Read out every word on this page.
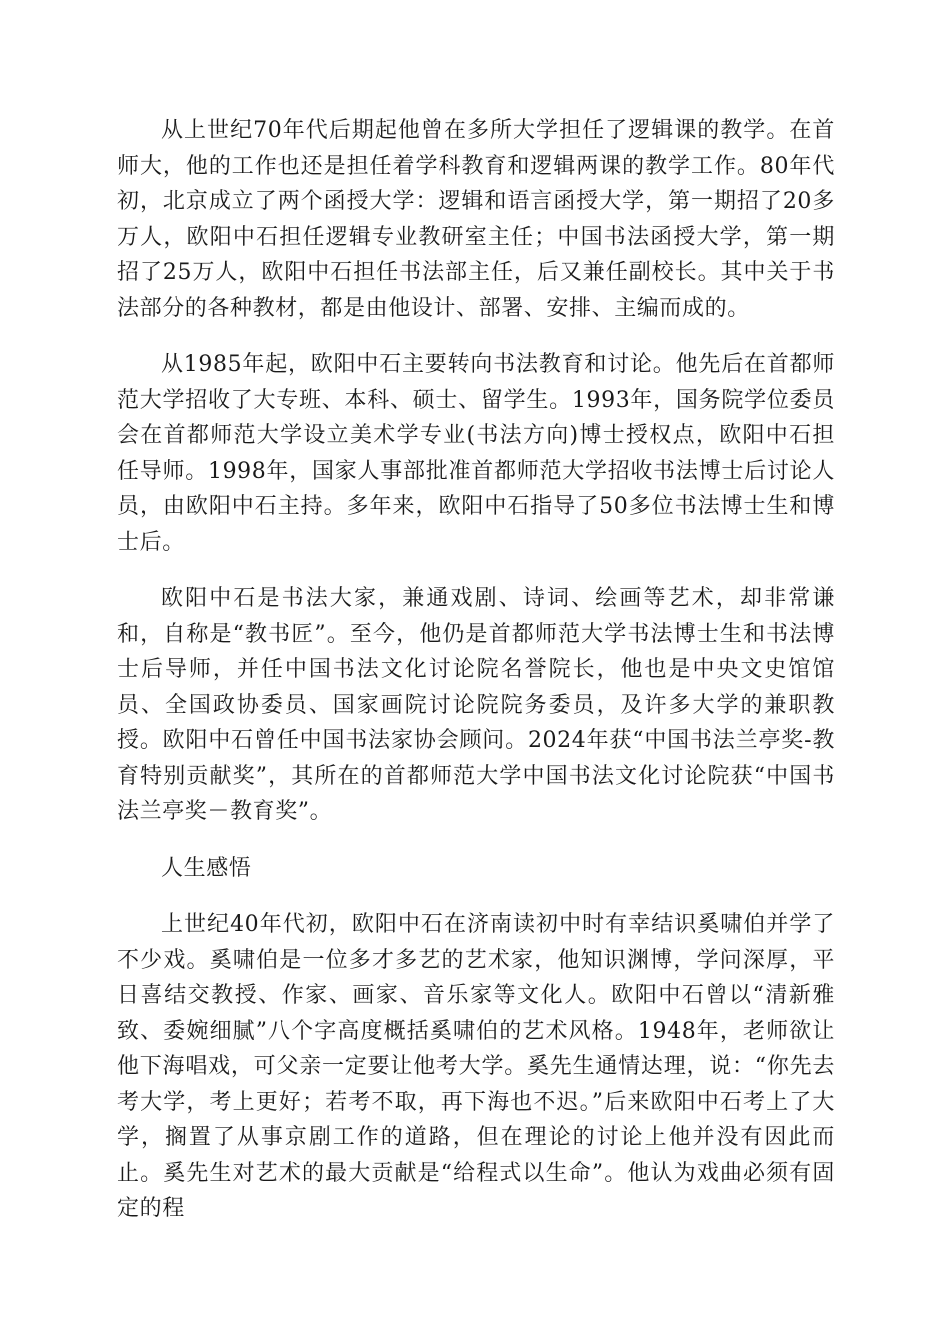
从上世纪70年代后期起他曾在多所大学担任了逻辑课的教学。在首师大，他的工作也还是担任着学科教育和逻辑两课的教学工作。80年代初，北京成立了两个函授大学：逻辑和语言函授大学，第一期招了20多万人，欧阳中石担任逻辑专业教研室主任；中国书法函授大学，第一期招了25万人，欧阳中石担任书法部主任，后又兼任副校长。其中关于书法部分的各种教材，都是由他设计、部署、安排、主编而成的。

从1985年起，欧阳中石主要转向书法教育和讨论。他先后在首都师范大学招收了大专班、本科、硕士、留学生。1993年，国务院学位委员会在首都师范大学设立美术学专业(书法方向)博士授权点，欧阳中石担任导师。1998年，国家人事部批准首都师范大学招收书法博士后讨论人员，由欧阳中石主持。多年来，欧阳中石指导了50多位书法博士生和博士后。

欧阳中石是书法大家，兼通戏剧、诗词、绘画等艺术，却非常谦和，自称是“教书匠”。至今，他仍是首都师范大学书法博士生和书法博士后导师，并任中国书法文化讨论院名誉院长，他也是中央文史馆馆员、全国政协委员、国家画院讨论院院务委员，及许多大学的兼职教授。欧阳中石曾任中国书法家协会顾问。2024年获“中国书法兰亭奖-教育特别贡献奖”，其所在的首都师范大学中国书法文化讨论院获“中国书法兰亭奖－教育奖”。

人生感悟

上世纪40年代初，欧阳中石在济南读初中时有幸结识奚啸伯并学了不少戏。奚啸伯是一位多才多艺的艺术家，他知识渊博，学问深厚，平日喜结交教授、作家、画家、音乐家等文化人。欧阳中石曾以“清新雅致、委婉细腻”八个字高度概括奚啸伯的艺术风格。1948年，老师欲让他下海唱戏，可父亲一定要让他考大学。奚先生通情达理，说：“你先去考大学，考上更好；若考不取，再下海也不迟。”后来欧阳中石考上了大学，搁置了从事京剧工作的道路，但在理论的讨论上他并没有因此而止。奚先生对艺术的最大贡献是“给程式以生命”。他认为戏曲必须有固定的程
